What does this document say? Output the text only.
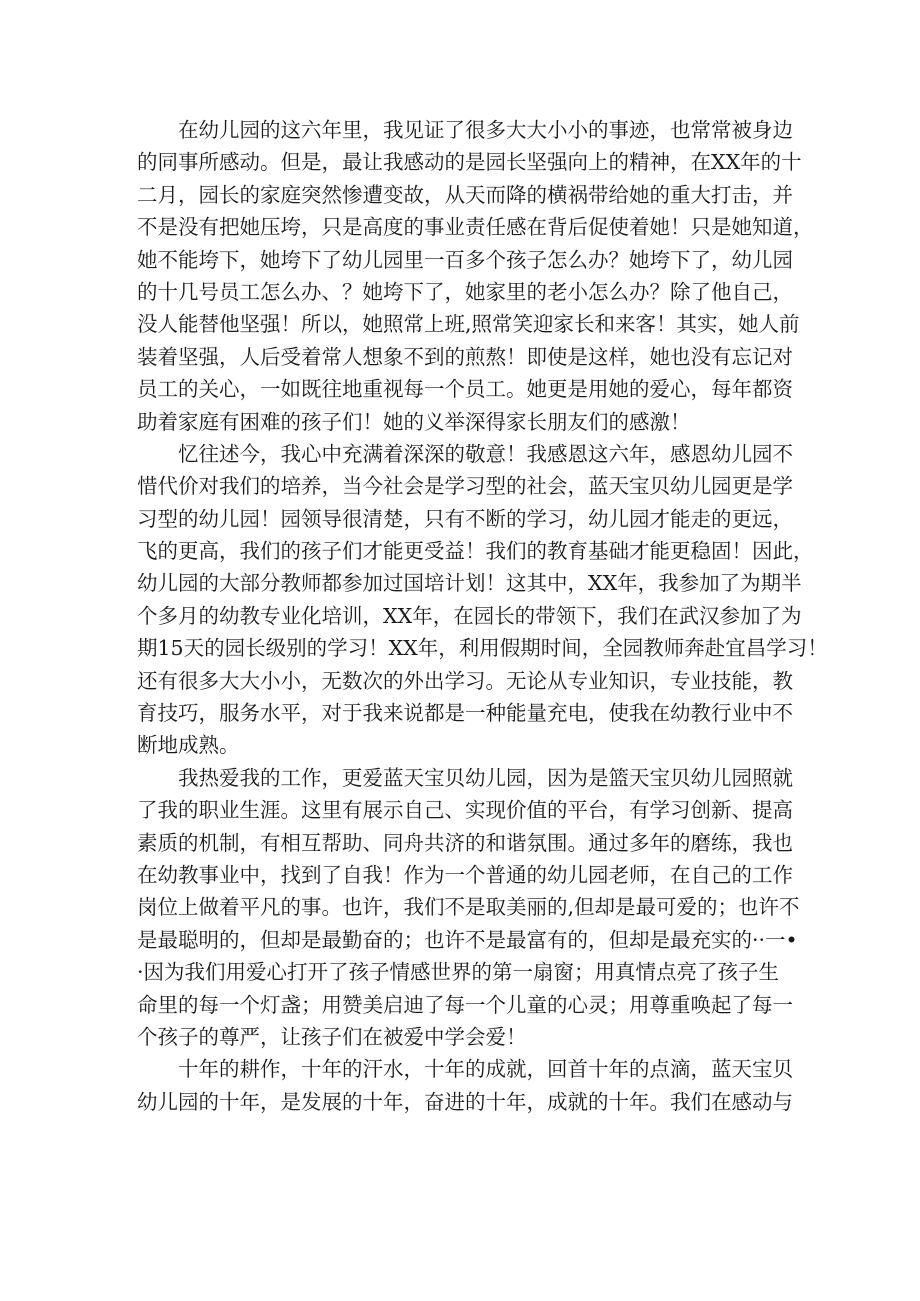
在幼儿园的这六年里，我见证了很多大大小小的事迹，也常常被身边
的同事所感动。但是，最让我感动的是园长坚强向上的精神，在XX年的十
二月，园长的家庭突然惨遭变故，从天而降的横祸带给她的重大打击，并
不是没有把她压垮，只是高度的事业责任感在背后促使着她！只是她知道，
她不能垮下，她垮下了幼儿园里一百多个孩子怎么办？她垮下了，幼儿园
的十几号员工怎么办、？她垮下了，她家里的老小怎么办？除了他自己，
没人能替他坚强！所以，她照常上班,照常笑迎家长和来客！其实，她人前
装着坚强，人后受着常人想象不到的煎熬！即使是这样，她也没有忘记对
员工的关心，一如既往地重视每一个员工。她更是用她的爱心，每年都资
助着家庭有困难的孩子们！她的义举深得家长朋友们的感激！
忆往述今，我心中充满着深深的敬意！我感恩这六年，感恩幼儿园不
惜代价对我们的培养，当今社会是学习型的社会，蓝天宝贝幼儿园更是学
习型的幼儿园！园领导很清楚，只有不断的学习，幼儿园才能走的更远，
飞的更高，我们的孩子们才能更受益！我们的教育基础才能更稳固！因此，
幼儿园的大部分教师都参加过国培计划！这其中，XX年，我参加了为期半
个多月的幼教专业化培训，XX年，在园长的带领下，我们在武汉参加了为
期15天的园长级别的学习！XX年，利用假期时间，全园教师奔赴宜昌学习！
还有很多大大小小，无数次的外出学习。无论从专业知识，专业技能，教
育技巧，服务水平，对于我来说都是一种能量充电，使我在幼教行业中不
断地成熟。
我热爱我的工作，更爱蓝天宝贝幼儿园，因为是篮天宝贝幼儿园照就
了我的职业生涯。这里有展示自己、实现价值的平台，有学习创新、提高
素质的机制，有相互帮助、同舟共济的和谐氛围。通过多年的磨练，我也
在幼教事业中，找到了自我！作为一个普通的幼儿园老师，在自己的工作
岗位上做着平凡的事。也许，我们不是取美丽的,但却是最可爱的；也许不
是最聪明的，但却是最勤奋的；也许不是最富有的，但却是最充实的··一•
·因为我们用爱心打开了孩子情感世界的第一扇窗；用真情点亮了孩子生
命里的每一个灯盏；用赞美启迪了每一个儿童的心灵；用尊重唤起了每一
个孩子的尊严，让孩子们在被爱中学会爱！
十年的耕作，十年的汗水，十年的成就，回首十年的点滴，蓝天宝贝
幼儿园的十年，是发展的十年，奋进的十年，成就的十年。我们在感动与
